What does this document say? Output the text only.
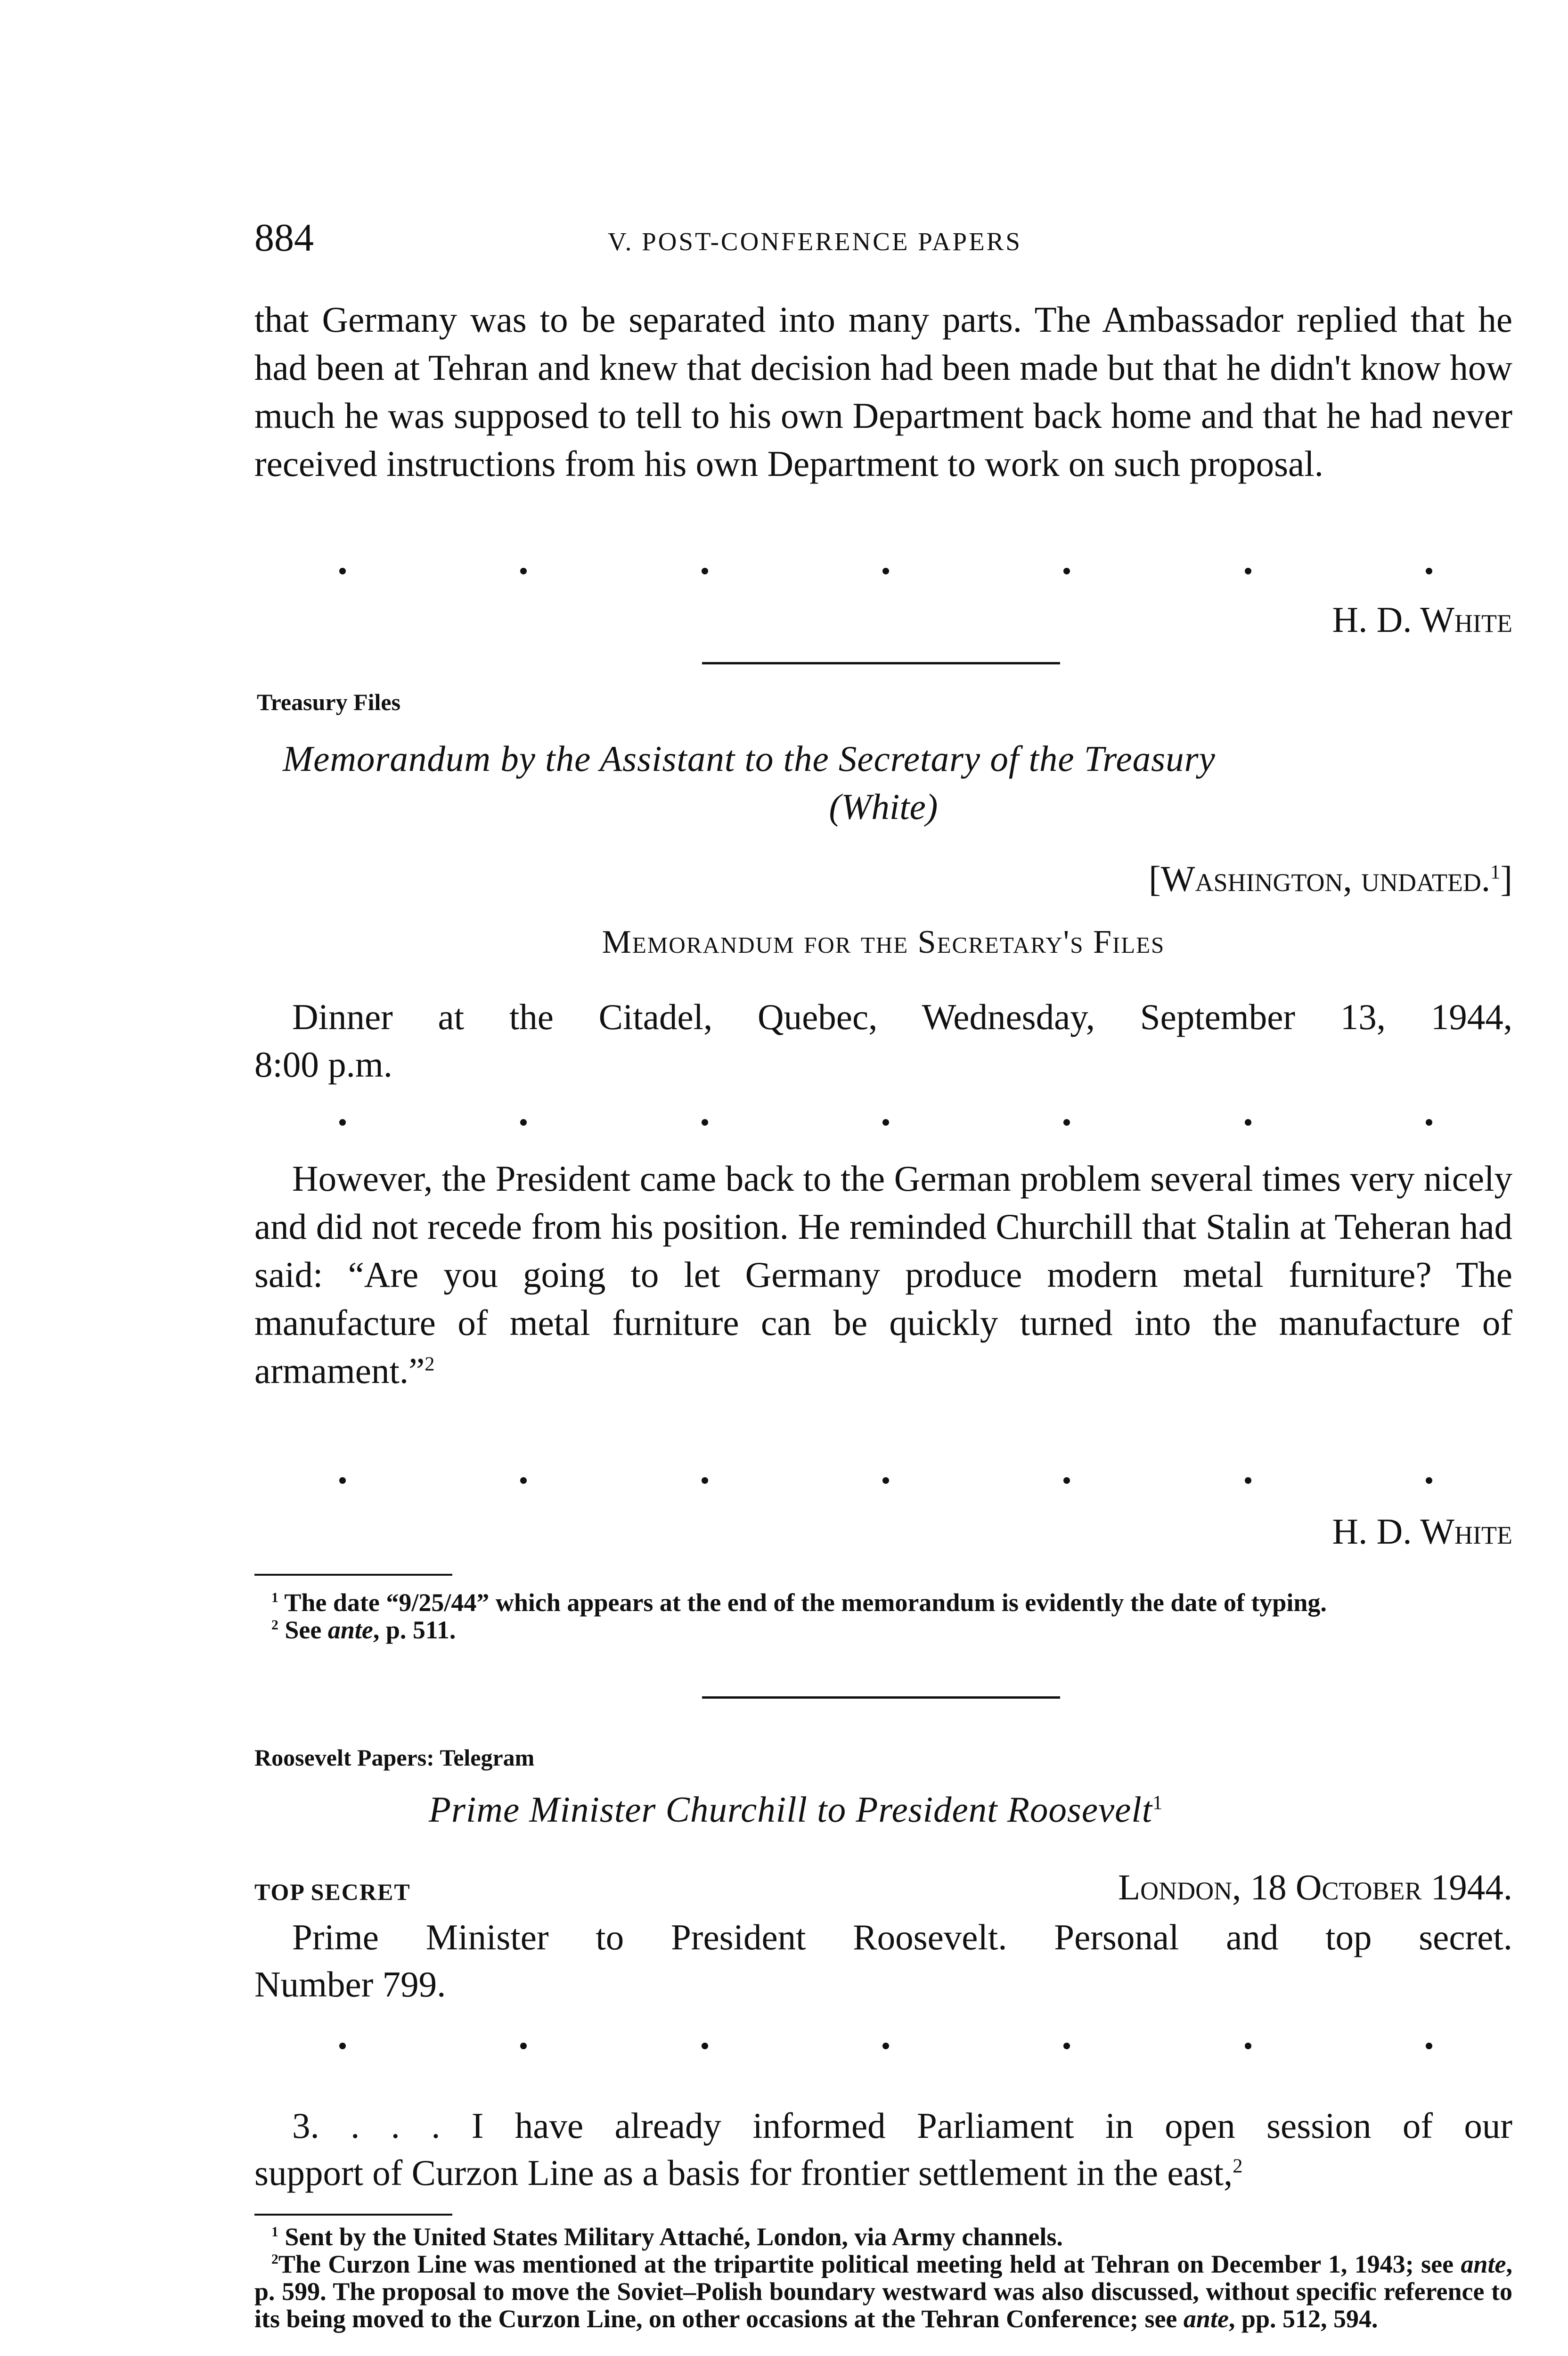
884	V. POST-CONFERENCE PAPERS

that Germany was to be separated into many parts. The Ambassador replied that he had been at Tehran and knew that decision had been made but that he didn't know how much he was supposed to tell to his own Department back home and that he had never received instructions from his own Department to work on such proposal.

H. D. White
Treasury Files
Memorandum by the Assistant to the Secretary of the Treasury
(White)
[Washington, undated.$^1$]
Memorandum for the Secretary's Files
Dinner at the Citadel, Quebec, Wednesday, September 13, 1944,
8:00 p.m.

However, the President came back to the German problem several times very nicely and did not recede from his position. He reminded Churchill that Stalin at Teheran had said: “Are you going to let Germany produce modern metal furniture? The manufacture of metal furniture can be quickly turned into the manufacture of armament.”$^2$

H. D. White
$^1$ The date “9/25/44” which appears at the end of the memorandum is evidently the date of typing.
$^2$ See ante, p. 511.
Roosevelt Papers: Telegram
Prime Minister Churchill to President Roosevelt$^1$
TOP SECRET	London, 18 October 1944.
Prime Minister to President Roosevelt. Personal and top secret.
Number 799.
3. . . . I have already informed Parliament in open session of our
support of Curzon Line as a basis for frontier settlement in the east,$^2$
$^1$ Sent by the United States Military Attaché, London, via Army channels.
$^2$The Curzon Line was mentioned at the tripartite political meeting held at Tehran on December 1, 1943; see ante, p. 599. The proposal to move the Soviet–Polish boundary westward was also discussed, without specific reference to its being moved to the Curzon Line, on other occasions at the Tehran Conference; see ante, pp. 512, 594.
